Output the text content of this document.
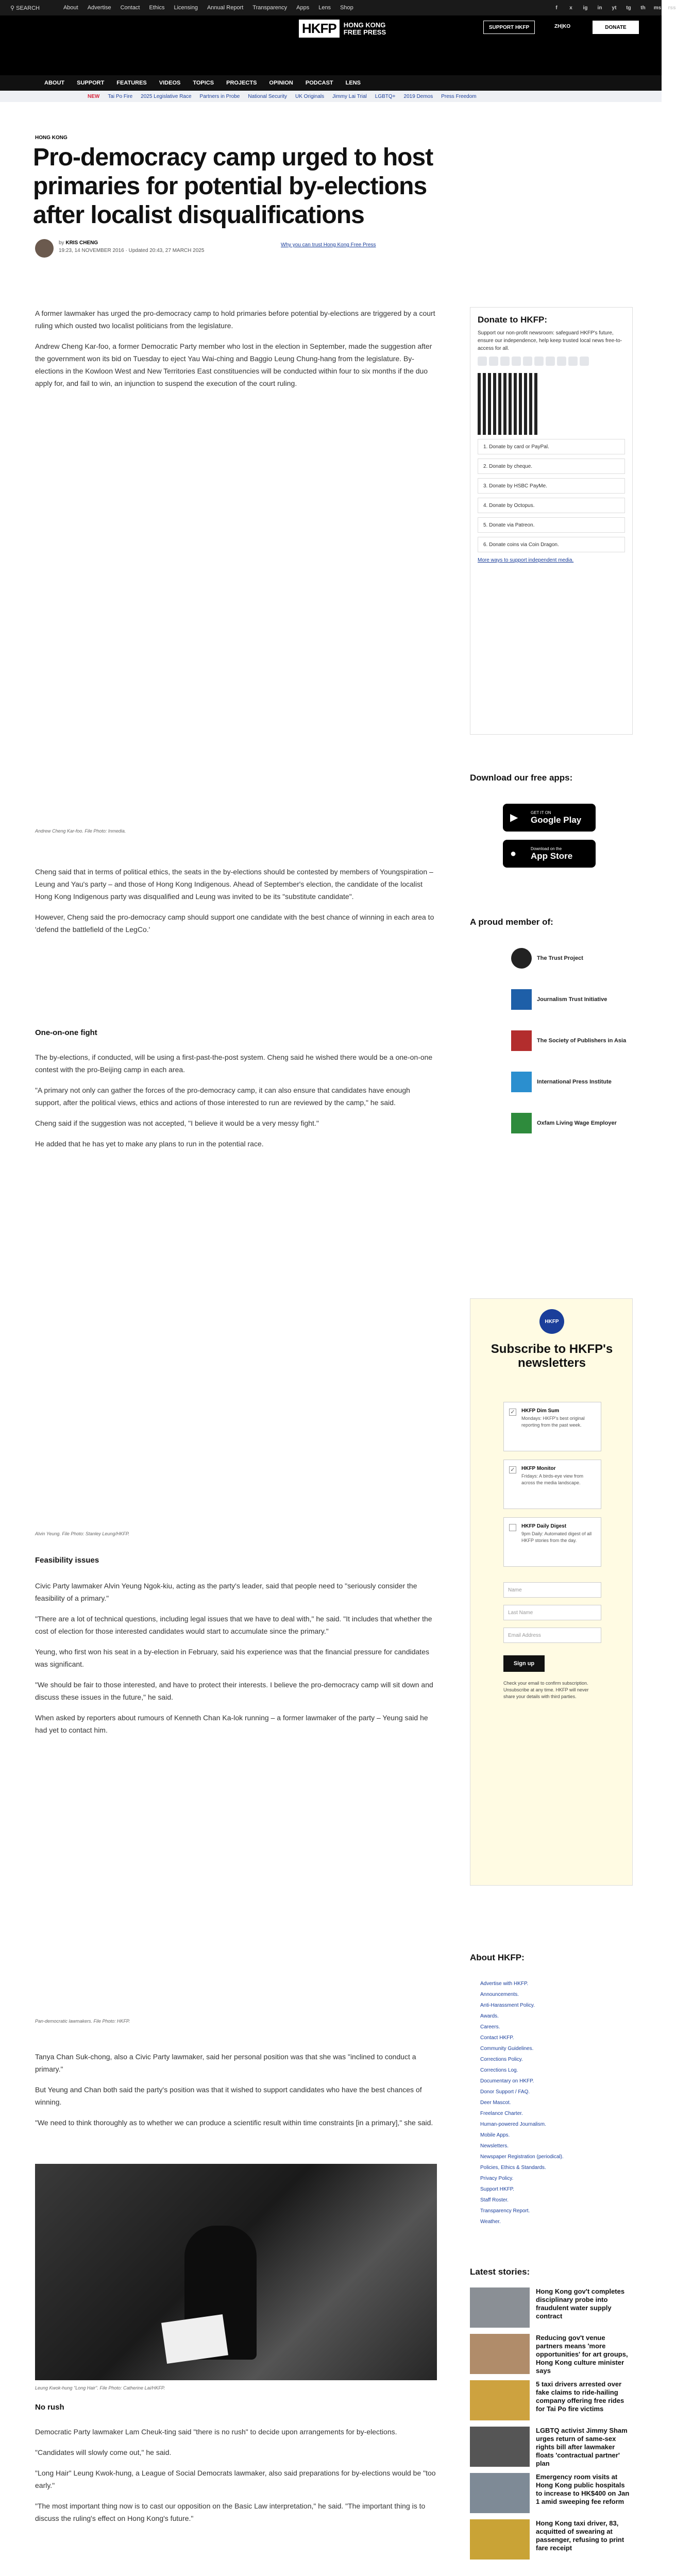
⚲ SEARCH	About Advertise Contact Ethics Licensing Annual Report Transparency Apps Lens Shop	f	x	ig	in	yt	tg	th	ms rss
HKFP	HONG KONG
FREE PRESS
SUPPORT HKFP	ZH|KO	DONATE
ABOUT SUPPORT FEATURES VIDEOS TOPICS PROJECTS OPINION PODCAST LENS
NEW Tai Po Fire 2025 Legislative Race Partners in Probe National Security UK Originals Jimmy Lai Trial LGBTQ+ 2019 Demos Press Freedom
HONG KONG
Pro-democracy camp urged to host primaries for potential by-elections after localist disqualifications
by KRIS CHENG
19:23, 14 NOVEMBER 2016 · Updated 20:43, 27 MARCH 2025
Why you can trust Hong Kong Free Press

A former lawmaker has urged the pro-democracy camp to hold primaries before potential by-elections are triggered by a court ruling which ousted two localist politicians from the legislature.

Andrew Cheng Kar-foo, a former Democratic Party member who lost in the election in September, made the suggestion after the government won its bid on Tuesday to eject Yau Wai-ching and Baggio Leung Chung-hang from the legislature. By-elections in the Kowloon West and New Territories East constituencies will be conducted within four to six months if the duo apply for, and fail to win, an injunction to suspend the execution of the court ruling.

Andrew Cheng Kar-foo. File Photo: Inmedia.

Cheng said that in terms of political ethics, the seats in the by-elections should be contested by members of Youngspiration – Leung and Yau's party – and those of Hong Kong Indigenous. Ahead of September's election, the candidate of the localist Hong Kong Indigenous party was disqualified and Leung was invited to be its "substitute candidate".

However, Cheng said the pro-democracy camp should support one candidate with the best chance of winning in each area to 'defend the battlefield of the LegCo.'

One-on-one fight

The by-elections, if conducted, will be using a first-past-the-post system. Cheng said he wished there would be a one-on-one contest with the pro-Beijing camp in each area.

"A primary not only can gather the forces of the pro-democracy camp, it can also ensure that candidates have enough support, after the political views, ethics and actions of those interested to run are reviewed by the camp," he said.

Cheng said if the suggestion was not accepted, "I believe it would be a very messy fight."

He added that he has yet to make any plans to run in the potential race.

Alvin Yeung. File Photo: Stanley Leung/HKFP.
Feasibility issues

Civic Party lawmaker Alvin Yeung Ngok-kiu, acting as the party's leader, said that people need to "seriously consider the feasibility of a primary."

"There are a lot of technical questions, including legal issues that we have to deal with," he said. "It includes that whether the cost of election for those interested candidates would start to accumulate since the primary."

Yeung, who first won his seat in a by-election in February, said his experience was that the financial pressure for candidates was significant.

"We should be fair to those interested, and have to protect their interests. I believe the pro-democracy camp will sit down and discuss these issues in the future," he said.

When asked by reporters about rumours of Kenneth Chan Ka-lok running – a former lawmaker of the party – Yeung said he had yet to contact him.

Pan-democratic lawmakers. File Photo: HKFP.

Tanya Chan Suk-chong, also a Civic Party lawmaker, said her personal position was that she was "inclined to conduct a primary."

But Yeung and Chan both said the party's position was that it wished to support candidates who have the best chances of winning.

"We need to think thoroughly as to whether we can produce a scientific result within time constraints [in a primary]," she said.

Leung Kwok-hung "Long Hair". File Photo: Catherine Lai/HKFP.
No rush

Democratic Party lawmaker Lam Cheuk-ting said "there is no rush" to decide upon arrangements for by-elections.

"Candidates will slowly come out," he said.

"Long Hair" Leung Kwok-hung, a League of Social Democrats lawmaker, also said preparations for by-elections would be "too early."

"The most important thing now is to cast our opposition on the Basic Law interpretation," he said. "The important thing is to discuss the ruling's effect on Hong Kong's future."

Donate to HKFP:
Support our non-profit newsroom: safeguard HKFP's future, ensure our independence, help keep trusted local news free-to-access for all.
1. Donate by card or PayPal.
2. Donate by cheque.
3. Donate by HSBC PayMe.
4. Donate by Octopus.
5. Donate via Patreon.
6. Donate coins via Coin Dragon.
More ways to support independent media.
Download our free apps:
▶	GET IT ON
Google Play
●	Download on the
App Store
A proud member of:
The Trust Project
Journalism Trust Initiative
The Society of Publishers in Asia
International Press Institute
Oxfam Living Wage Employer
HKFP
Subscribe to HKFP's newsletters
✓ HKFP Dim Sum
Mondays: HKFP's best original reporting from the past week.
✓ HKFP Monitor
Fridays: A birds-eye view from across the media landscape.
HKFP Daily Digest
9pm Daily: Automated digest of all HKFP stories from the day.
Name
Last Name
Email Address
Sign up
Check your email to confirm subscription. Unsubscribe at any time. HKFP will never share your details with third parties.
About HKFP:
Advertise with HKFP.
Announcements.
Anti-Harassment Policy.
Awards.
Careers.
Contact HKFP.
Community Guidelines.
Corrections Policy.
Corrections Log.
Documentary on HKFP.
Donor Support / FAQ.
Deer Mascot.
Freelance Charter.
Human-powered Journalism.
Mobile Apps.
Newsletters.
Newspaper Registration (periodical).
Policies, Ethics & Standards.
Privacy Policy.
Support HKFP.
Staff Roster.
Transparency Report.
Weather.
Latest stories:
Hong Kong gov't completes disciplinary probe into fraudulent water supply contract
Reducing gov't venue partners means 'more opportunities' for art groups, Hong Kong culture minister says
5 taxi drivers arrested over fake claims to ride-hailing company offering free rides for Tai Po fire victims
LGBTQ activist Jimmy Sham urges return of same-sex rights bill after lawmaker floats 'contractual partner' plan
Emergency room visits at Hong Kong public hospitals to increase to HK$400 on Jan 1 amid sweeping fee reform
Hong Kong taxi driver, 83, acquitted of swearing at passenger, refusing to print fare receipt
